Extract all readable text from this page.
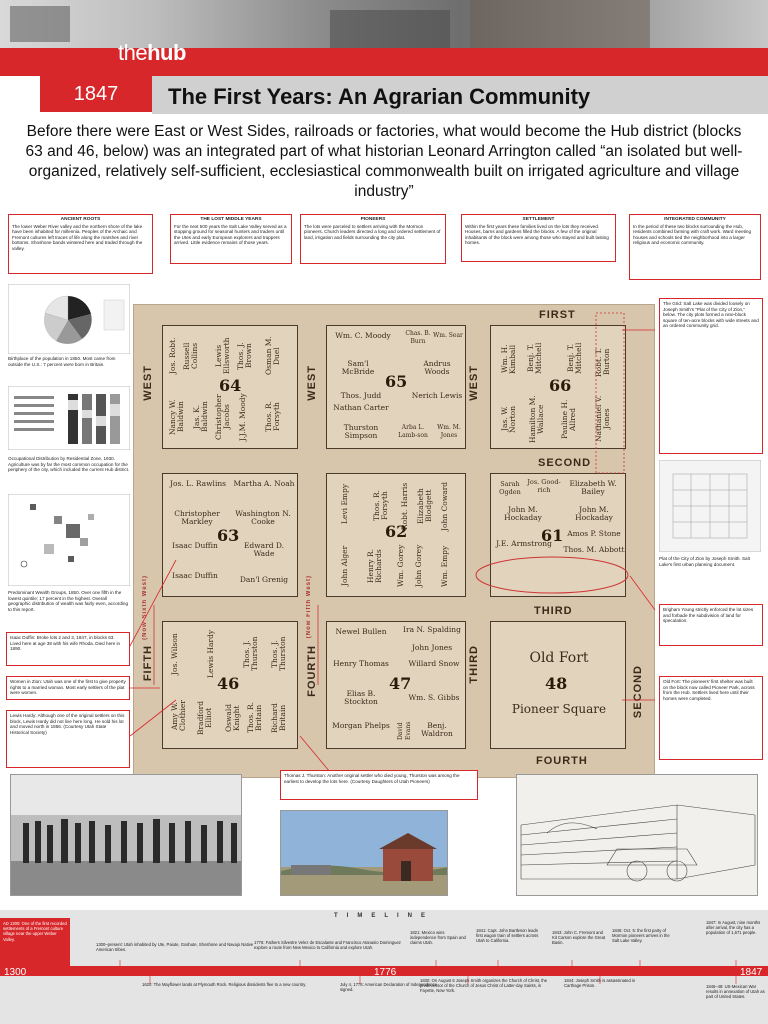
thehub
1847	The First Years: An Agrarian Community
Before there were East or West Sides, railroads or factories, what would become the Hub district (blocks 63 and 46, below) was an integrated part of what historian Leonard Arrington called “an isolated but well-organized, relatively self-sufficient, ecclesiastical commonwealth built on irrigated agriculture and village industry”
ANCIENT ROOTS
The lower Weber River valley and the northern shore of the lake have been inhabited for millennia. Peoples of the Archaic and Fremont cultures left traces of life along the marshes and river bottoms. Shoshone bands wintered here and traded through the valley.
THE LOST MIDDLE YEARS
For the next 500 years the Salt Lake Valley served as a stopping ground for seasonal hunters and traders until the Utes and early European explorers and trappers arrived. Little evidence remains of those years.
PIONEERS
The lots were parceled to settlers arriving with the Mormon pioneers. Church leaders directed a long and ordered settlement of land, irrigation and fields surrounding the city plat.
SETTLEMENT
Within the first years these families lived on the lots they received. Houses, barns and gardens filled the blocks. A few of the original inhabitants of the block were among those who stayed and built lasting homes.
INTEGRATED COMMUNITY
In the period of these two blocks surrounding the Hub, residents combined farming with craft work. Ward meeting houses and schools tied the neighborhood into a larger religious and economic community.
Birthplace of the population in 1850. Most came from outside the U.S.: 7 percent were born in Britain.
Occupational Distribution by Residential Zone, 1930. Agriculture was by far the most common occupation for the periphery of the city, which included the current Hub district.
Predominant Wealth Groups, 1850. Over one fifth in the lowest quintile; 17 percent in the highest. Overall geographic distribution of wealth was fairly even, according to this report.
Isaac Duffin: Broke lots 2 and 3, 1847, in blocks 63. Lived here at age 38 with his wife Rhoda. Died here in 1890.
Women in Zion: Utah was one of the first to give property rights to a married woman. Most early settlers of the plat were women.
Lewis Hardy: Although one of the original settlers on this block, Lewis Hardy did not live here long. He sold his lot and moved north in 1856. (Courtesy Utah State Historical Society)
The Grid: Salt Lake was divided loosely on Joseph Smith's "Plat of the City of Zion," below. The city plots formed a nine-block square of ten-acre blocks with wide streets and an ordered community grid.
Plat of the City of Zion by Joseph Smith. Salt Lake's first urban planning document.
Brigham Young strictly enforced the lot sizes and forbade the subdivision of land for speculation.
Old Fort: The pioneers' first shelter was built on the block now called Pioneer Park, across from the Hub. Settlers lived here until their homes were completed.
FIRST
SECOND
THIRD
FOURTH
WEST	WEST	WEST
FIFTH
(Now Sixth West)
FOURTH
(Now Fifth West)
THIRD
SECOND
64
Jos. Robt. Russell Collins Lewis Ellsworth Thos. J. Brown Osman M. Duel
Nancy W. Baldwin Jas. K. Baldwin Christopher Jacobs J.J.M. Moody Thos. R. Forsyth
65
Wm. C. Moody	Chas. B. Burn
Wm. Sear
Sam'l McBride
Andrus Woods
Thos. Judd
Nathan Carter
Nerich Lewis
Thurston Simpson
Arba L. Lamb-son
Wm. M. Jones
66
Wm. H. Kimball Benj. T. Mitchell	Benj. T. Mitchell Robt. T. Burton
Jas. W. Norton Hamilton M. Wallace Pauline H. Allred Nathaniel V. Jones
63
Jos. L. Rawlins Martha A. Noah
Christopher Markley
Washington N. Cooke
Isaac Duffin	Edward D. Wade
Isaac Duffin	Dan'l Grenig
62
Levi Empy	Thos. R. Forsyth Robt. Harris Elizabeth Blodgett John Coward
John Alger Henry R. Richards Wm. Gorey John Gorey Wm. Empy
61
Sarah Ogden
Jos. Good-rich
Elizabeth W. Bailey
John M. Hockaday
John M. Hockaday
J.E. Armstrong
Amos P. Stone
Thos. M. Abbott
46
Jos. Wilson	Lewis Hardy	Thos. J. Thurston Thos. J. Thurston
Amy W. Clothier Bradford Elliot Oswald Knight Thos. R. Britain Richard Britain
47
Newel Bullen	Ira N. Spalding
John Jones
Henry Thomas	Willard Snow
Elias B. Stockton	Wm. S. Gibbs
Morgan Phelps David Evans	Benj. Waldron
Old Fort
48
Pioneer Square
Thomas J. Thurston: Another original settler who died young, Thurston was among the earliest to develop the lots here. (Courtesy Daughters of Utah Pioneers)
TIMELINE
AD 1300: One of the first recorded settlements of a Fremont culture village near the upper Weber Valley.
1300	1776	1847
1300–present: Utah inhabited by Ute, Paiute, Goshute, Shoshone and Navajo Native American tribes.
1620: The Mayflower lands at Plymouth Rock. Religious dissidents flee to a new country.
1776: Fathers Silvestre Velez de Escalante and Francisco Atanasio Dominguez explore a route from New Mexico to California and explore Utah.
July 4, 1776: American Declaration of Independence signed.
1821: Mexico wins independence from Spain and claims Utah.
1830: On August 6 Joseph Smith organizes the Church of Christ, the predecessor of the Church of Jesus Christ of Latter-day Saints, in Fayette, New York.
1841: Capt. John Bartleson leads first wagon train of settlers across Utah to California.
1843: John C. Fremont and Kit Carson explore the Great Basin.
1844: Joseph Smith is assassinated in Carthage Prison.
1846: Oct. 5: the first party of Mormon pioneers arrives in the Salt Lake Valley.
1847: In August, nine months after arrival, the city has a population of 1,671 people.
1846–48: US-Mexican War results in annexation of Utah as part of United States.
